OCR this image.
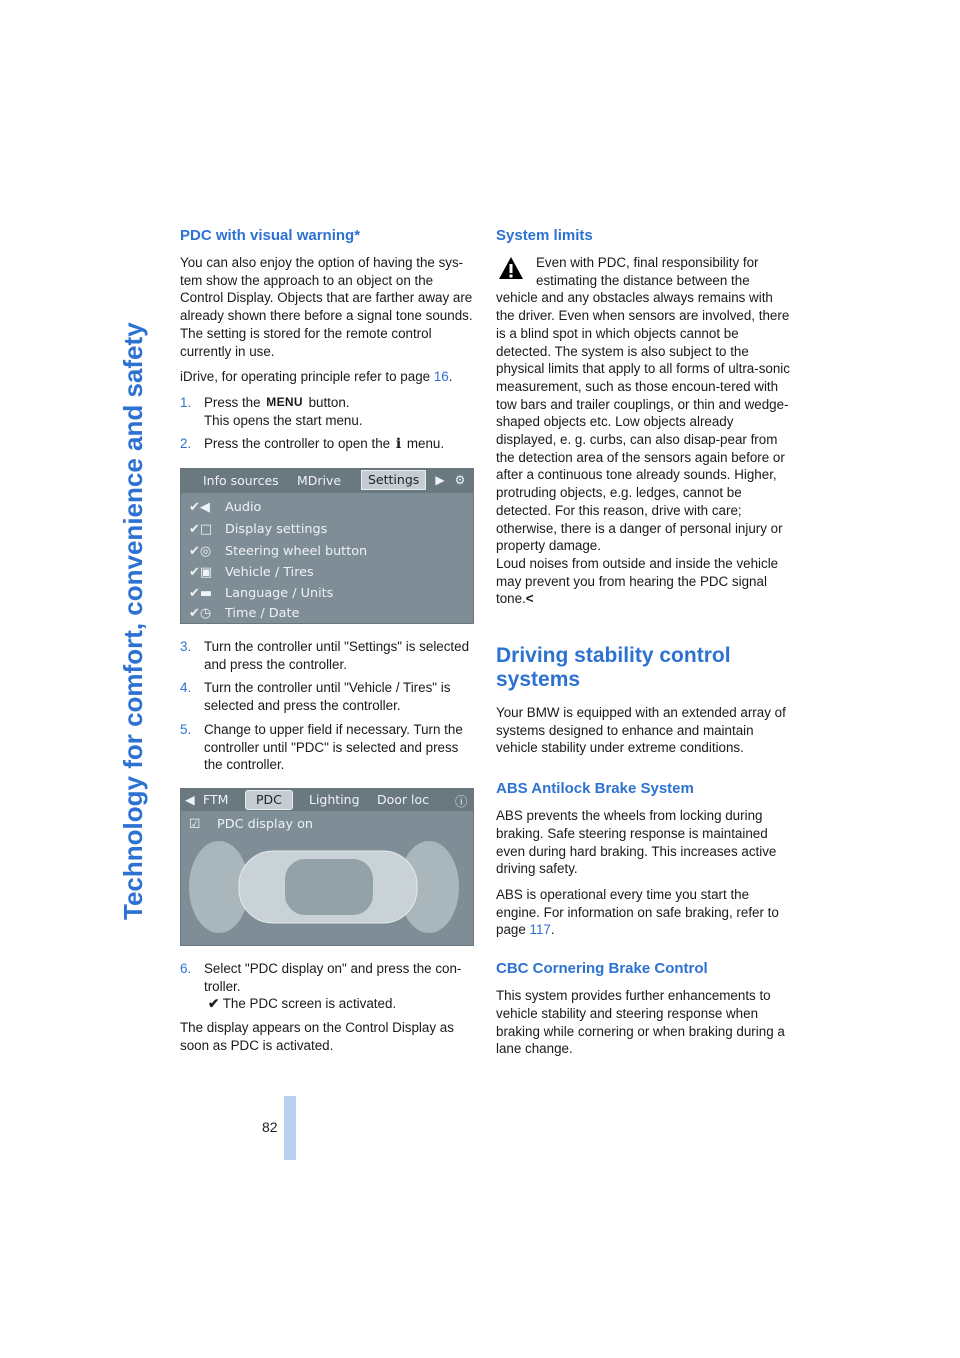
Technology for comfort, convenience and safety
82
PDC with visual warning*

You can also enjoy the option of having the sys-tem show the approach to an object on the Control Display. Objects that are farther away are already shown there before a signal tone sounds. The setting is stored for the remote control currently in use.

iDrive, for operating principle refer to page 16.

1. Press the MENU button.
This opens the start menu.
2. Press the controller to open the i menu.
Info sources MDrive	Settings	▶ ⚙
✔◀	Audio
✔□	Display settings
✔◎	Steering wheel button
✔▣	Vehicle / Tires
✔▬	Language / Units
✔◷	Time / Date
3. Turn the controller until "Settings" is selected and press the controller.
4. Turn the controller until "Vehicle / Tires" is selected and press the controller.
5. Change to upper field if necessary. Turn the controller until "PDC" is selected and press the controller.
◀ FTM	PDC	Lighting Door loc ⓘ
☑ PDC display on
6. Select "PDC display on" and press the con-troller.
✔ The PDC screen is activated.

The display appears on the Control Display as soon as PDC is activated.

System limits

Even with PDC, final responsibility for estimating the distance between the vehicle and any obstacles always remains with the driver. Even when sensors are involved, there is a blind spot in which objects cannot be detected. The system is also subject to the physical limits that apply to all forms of ultra-sonic measurement, such as those encoun-tered with tow bars and trailer couplings, or thin and wedge-shaped objects etc. Low objects already displayed, e. g. curbs, can also disap-pear from the detection area of the sensors again before or after a continuous tone already sounds. Higher, protruding objects, e.g. ledges, cannot be detected. For this reason, drive with care; otherwise, there is a danger of personal injury or property damage.

Loud noises from outside and inside the vehicle may prevent you from hearing the PDC signal tone.<

Driving stability control systems

Your BMW is equipped with an extended array of systems designed to enhance and maintain vehicle stability under extreme conditions.

ABS Antilock Brake System

ABS prevents the wheels from locking during braking. Safe steering response is maintained even during hard braking. This increases active driving safety.

ABS is operational every time you start the engine. For information on safe braking, refer to page 117.

CBC Cornering Brake Control

This system provides further enhancements to vehicle stability and steering response when braking while cornering or when braking during a lane change.
